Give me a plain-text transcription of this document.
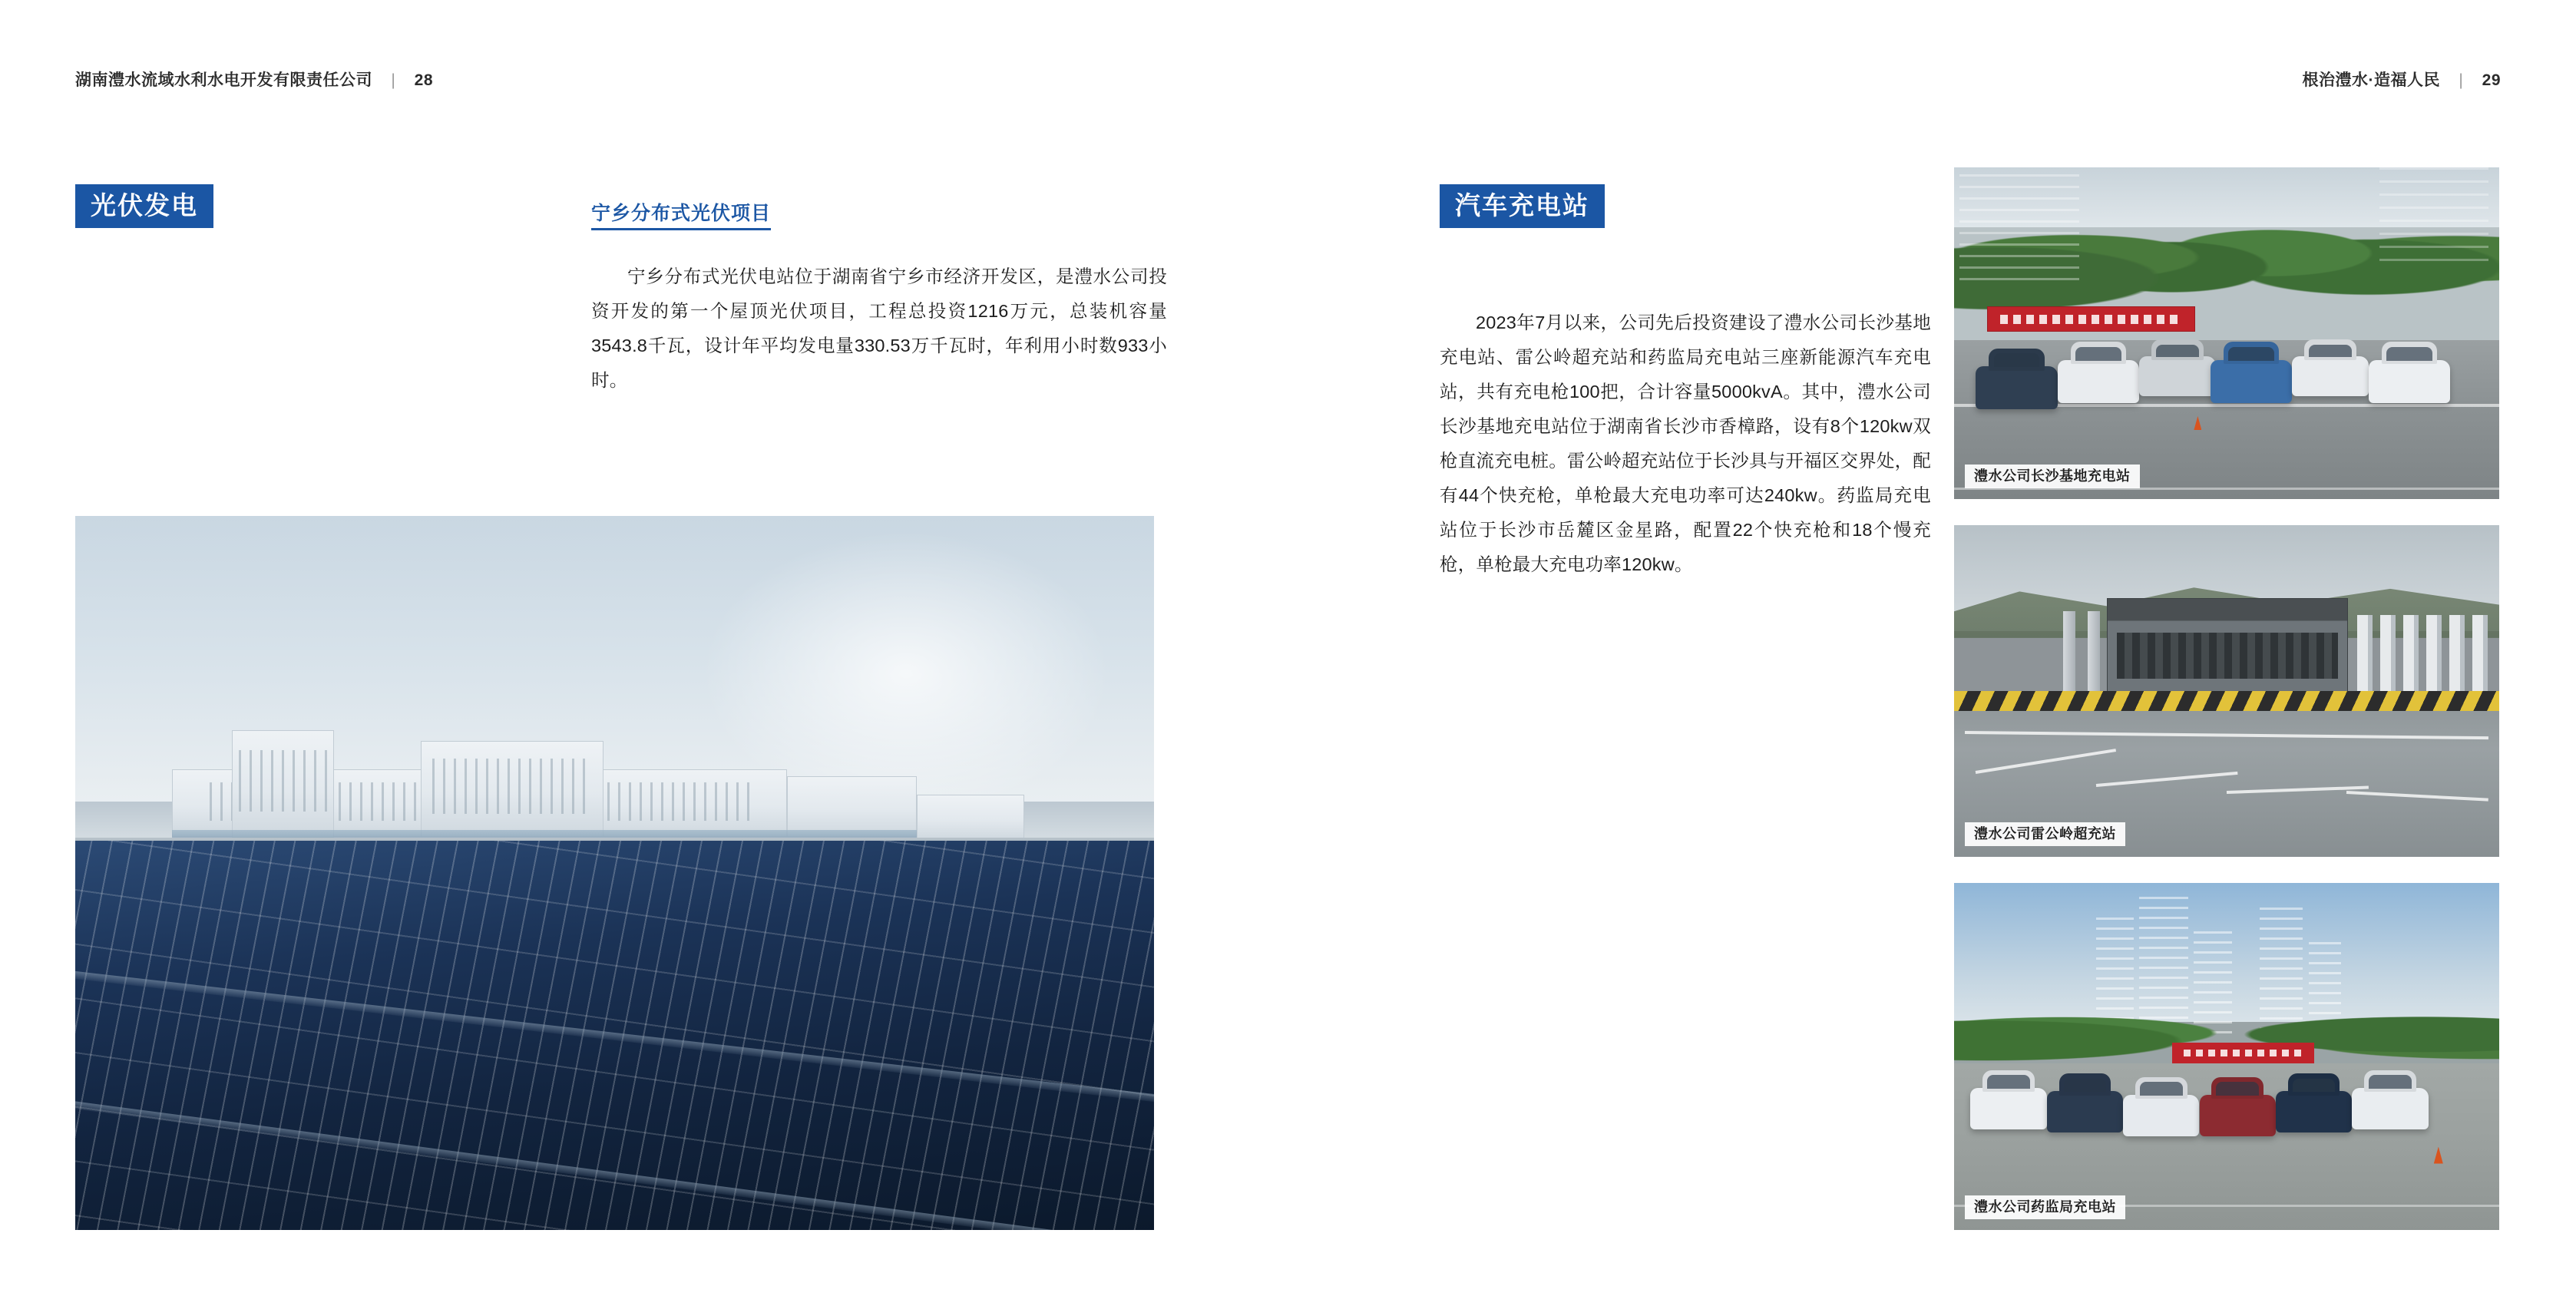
湖南澧水流域水利水电开发有限责任公司 | 28
光伏发电	宁乡分布式光伏项目

宁乡分布式光伏电站位于湖南省宁乡市经济开发区，是澧水公司投资开发的第一个屋顶光伏项目，工程总投资1216万元，总装机容量3543.8千瓦，设计年平均发电量330.53万千瓦时，年利用小时数933小时。

根治澧水·造福人民 | 29
汽车充电站

2023年7月以来，公司先后投资建设了澧水公司长沙基地充电站、雷公岭超充站和药监局充电站三座新能源汽车充电站，共有充电枪100把，合计容量5000kvA。其中，澧水公司长沙基地充电站位于湖南省长沙市香樟路，设有8个120kw双枪直流充电桩。雷公岭超充站位于长沙具与开福区交界处，配有44个快充枪，单枪最大充电功率可达240kw。药监局充电站位于长沙市岳麓区金星路，配置22个快充枪和18个慢充枪，单枪最大充电功率120kw。

澧水公司长沙基地充电站
澧水公司雷公岭超充站
澧水公司药监局充电站
